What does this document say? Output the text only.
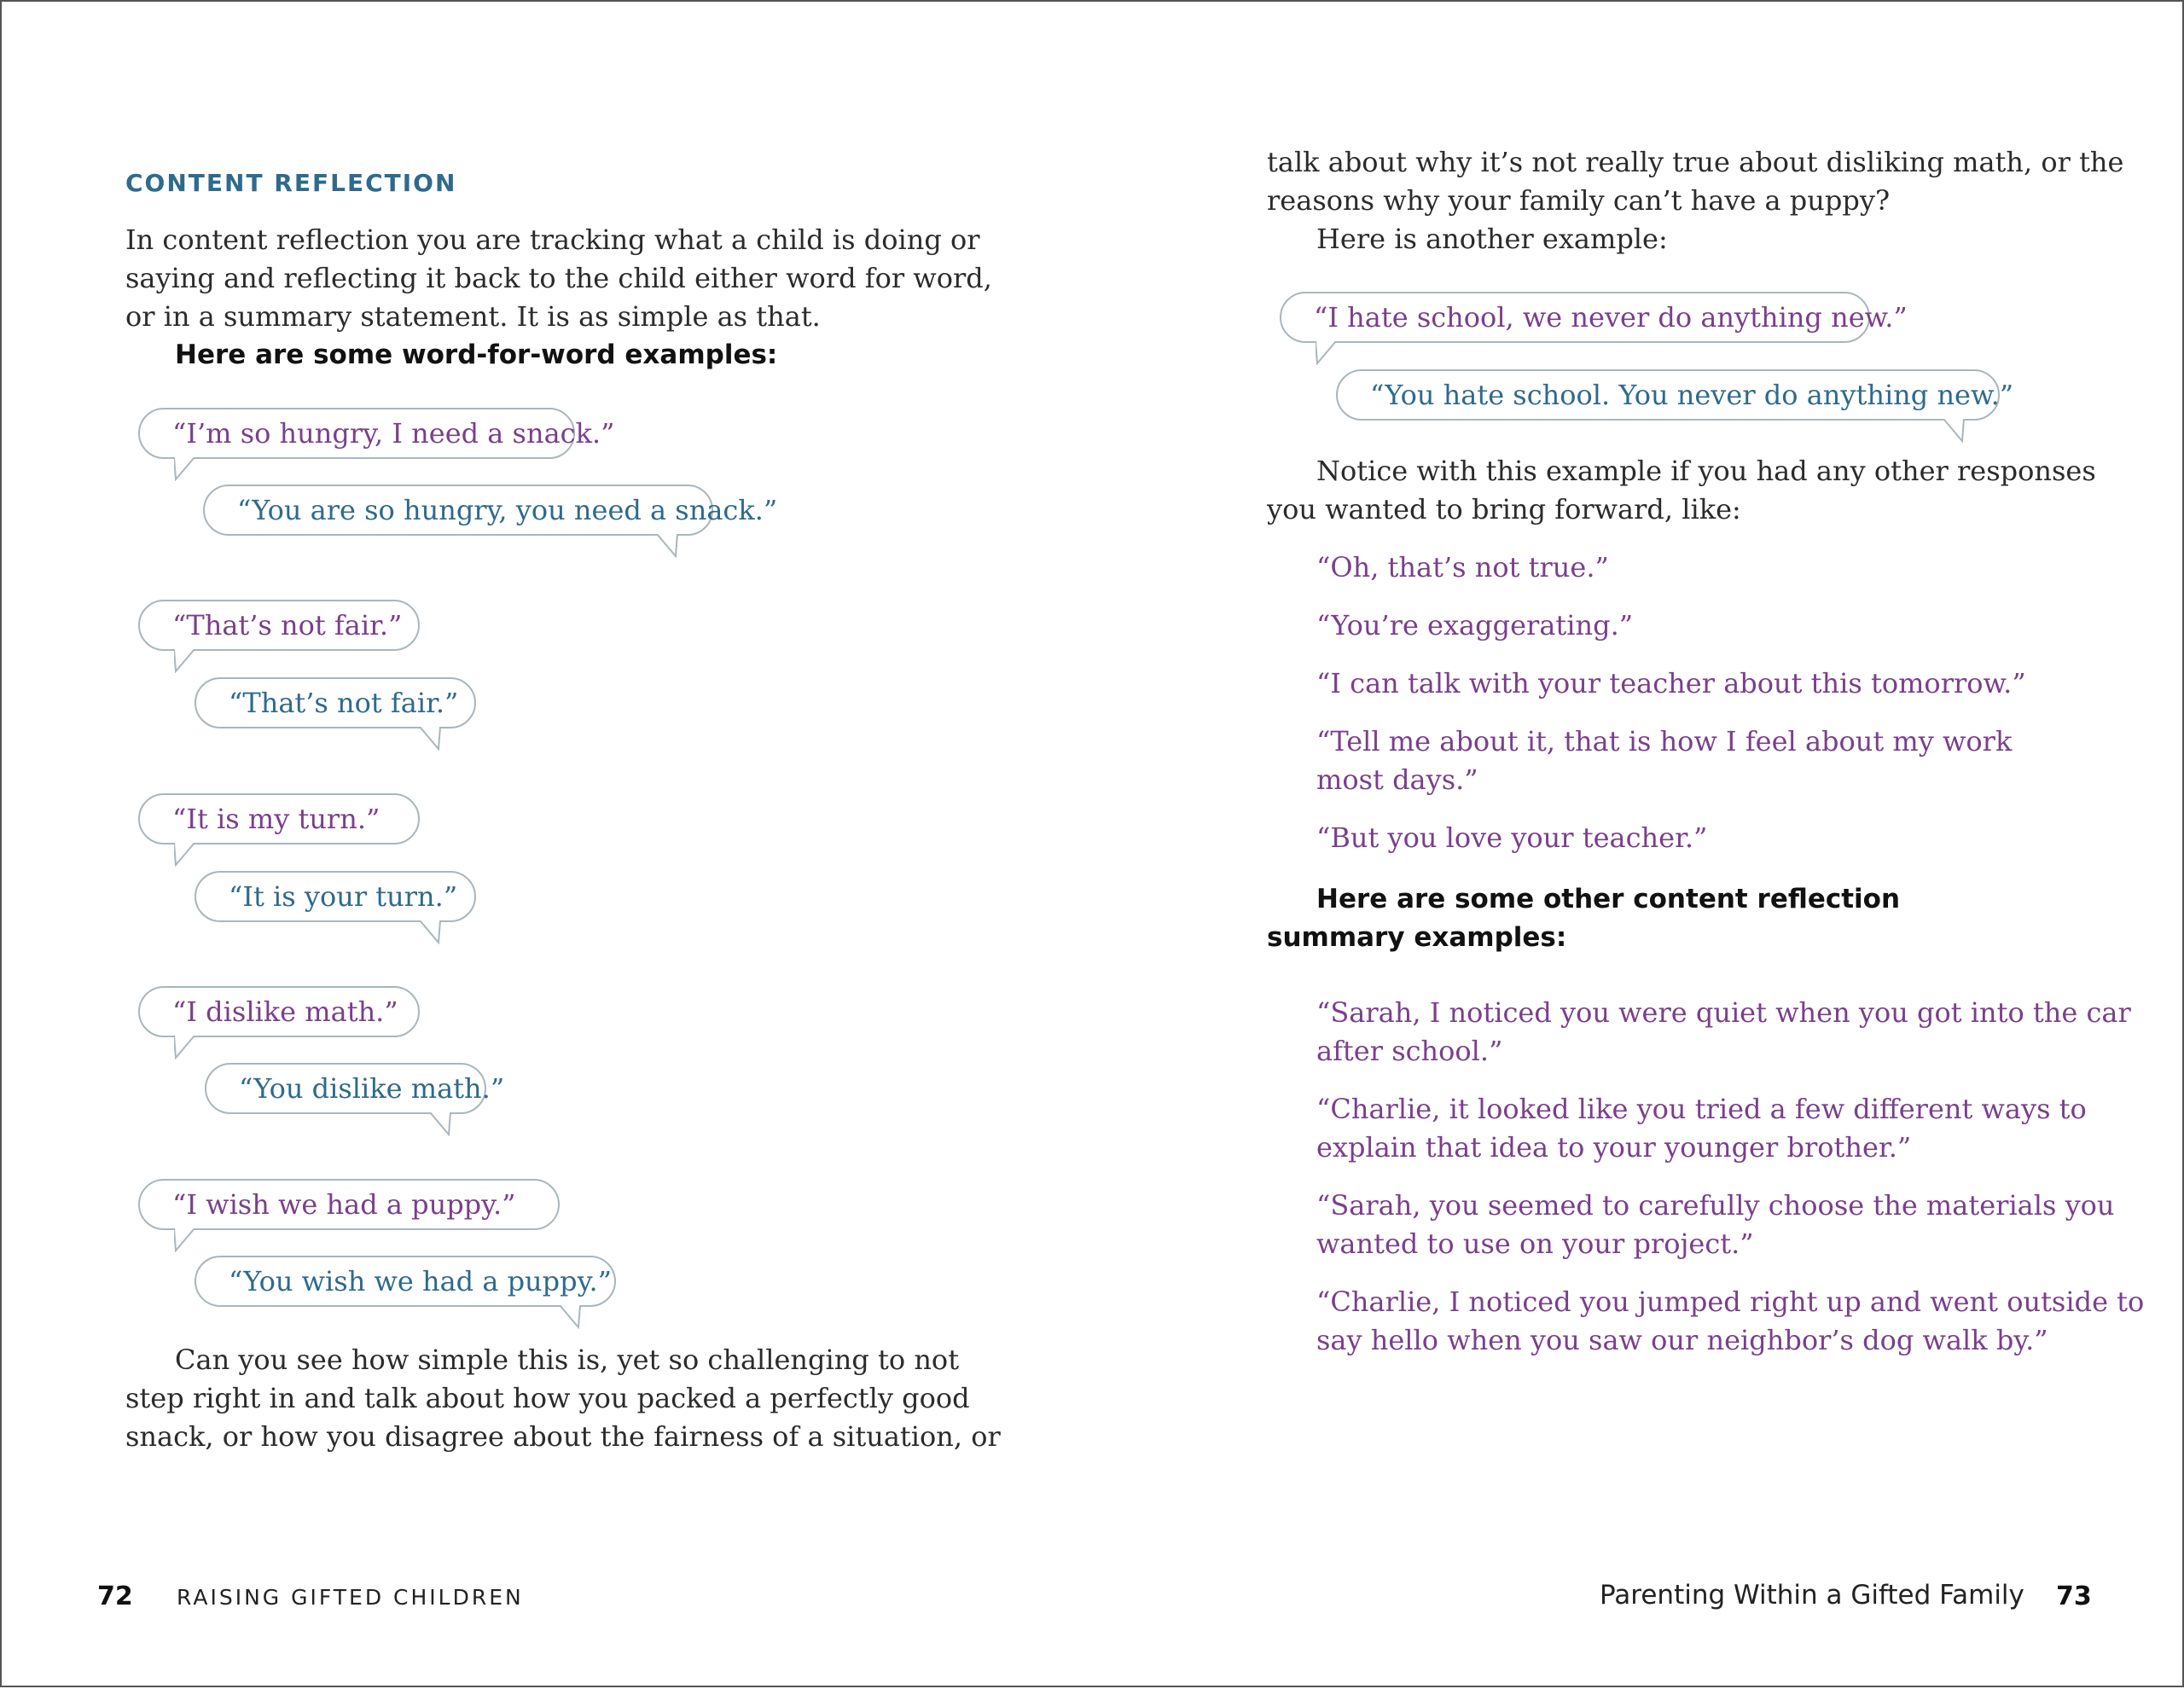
CONTENT REFLECTION
In content reflection you are tracking what a child is doing or
saying and reflecting it back to the child either word for word,
or in a summary statement. It is as simple as that.
Here are some word-for-word examples:
“I’m so hungry, I need a snack.”
“You are so hungry, you need a snack.”
“That’s not fair.”
“That’s not fair.”
“It is my turn.”
“It is your turn.”
“I dislike math.”
“You dislike math.”
“I wish we had a puppy.”
“You wish we had a puppy.”
Can you see how simple this is, yet so challenging to not
step right in and talk about how you packed a perfectly good
snack, or how you disagree about the fairness of a situation, or
72 RAISING GIFTED CHILDREN
talk about why it’s not really true about disliking math, or the
reasons why your family can’t have a puppy?
Here is another example:
“I hate school, we never do anything new.”
“You hate school. You never do anything new.”
Notice with this example if you had any other responses
you wanted to bring forward, like:
“Oh, that’s not true.”
“You’re exaggerating.”
“I can talk with your teacher about this tomorrow.”
“Tell me about it, that is how I feel about my work
most days.”
“But you love your teacher.”
Here are some other content reflection
summary examples:
“Sarah, I noticed you were quiet when you got into the car
after school.”
“Charlie, it looked like you tried a few different ways to
explain that idea to your younger brother.”
“Sarah, you seemed to carefully choose the materials you
wanted to use on your project.”
“Charlie, I noticed you jumped right up and went outside to
say hello when you saw our neighbor’s dog walk by.”
Parenting Within a Gifted Family 73
